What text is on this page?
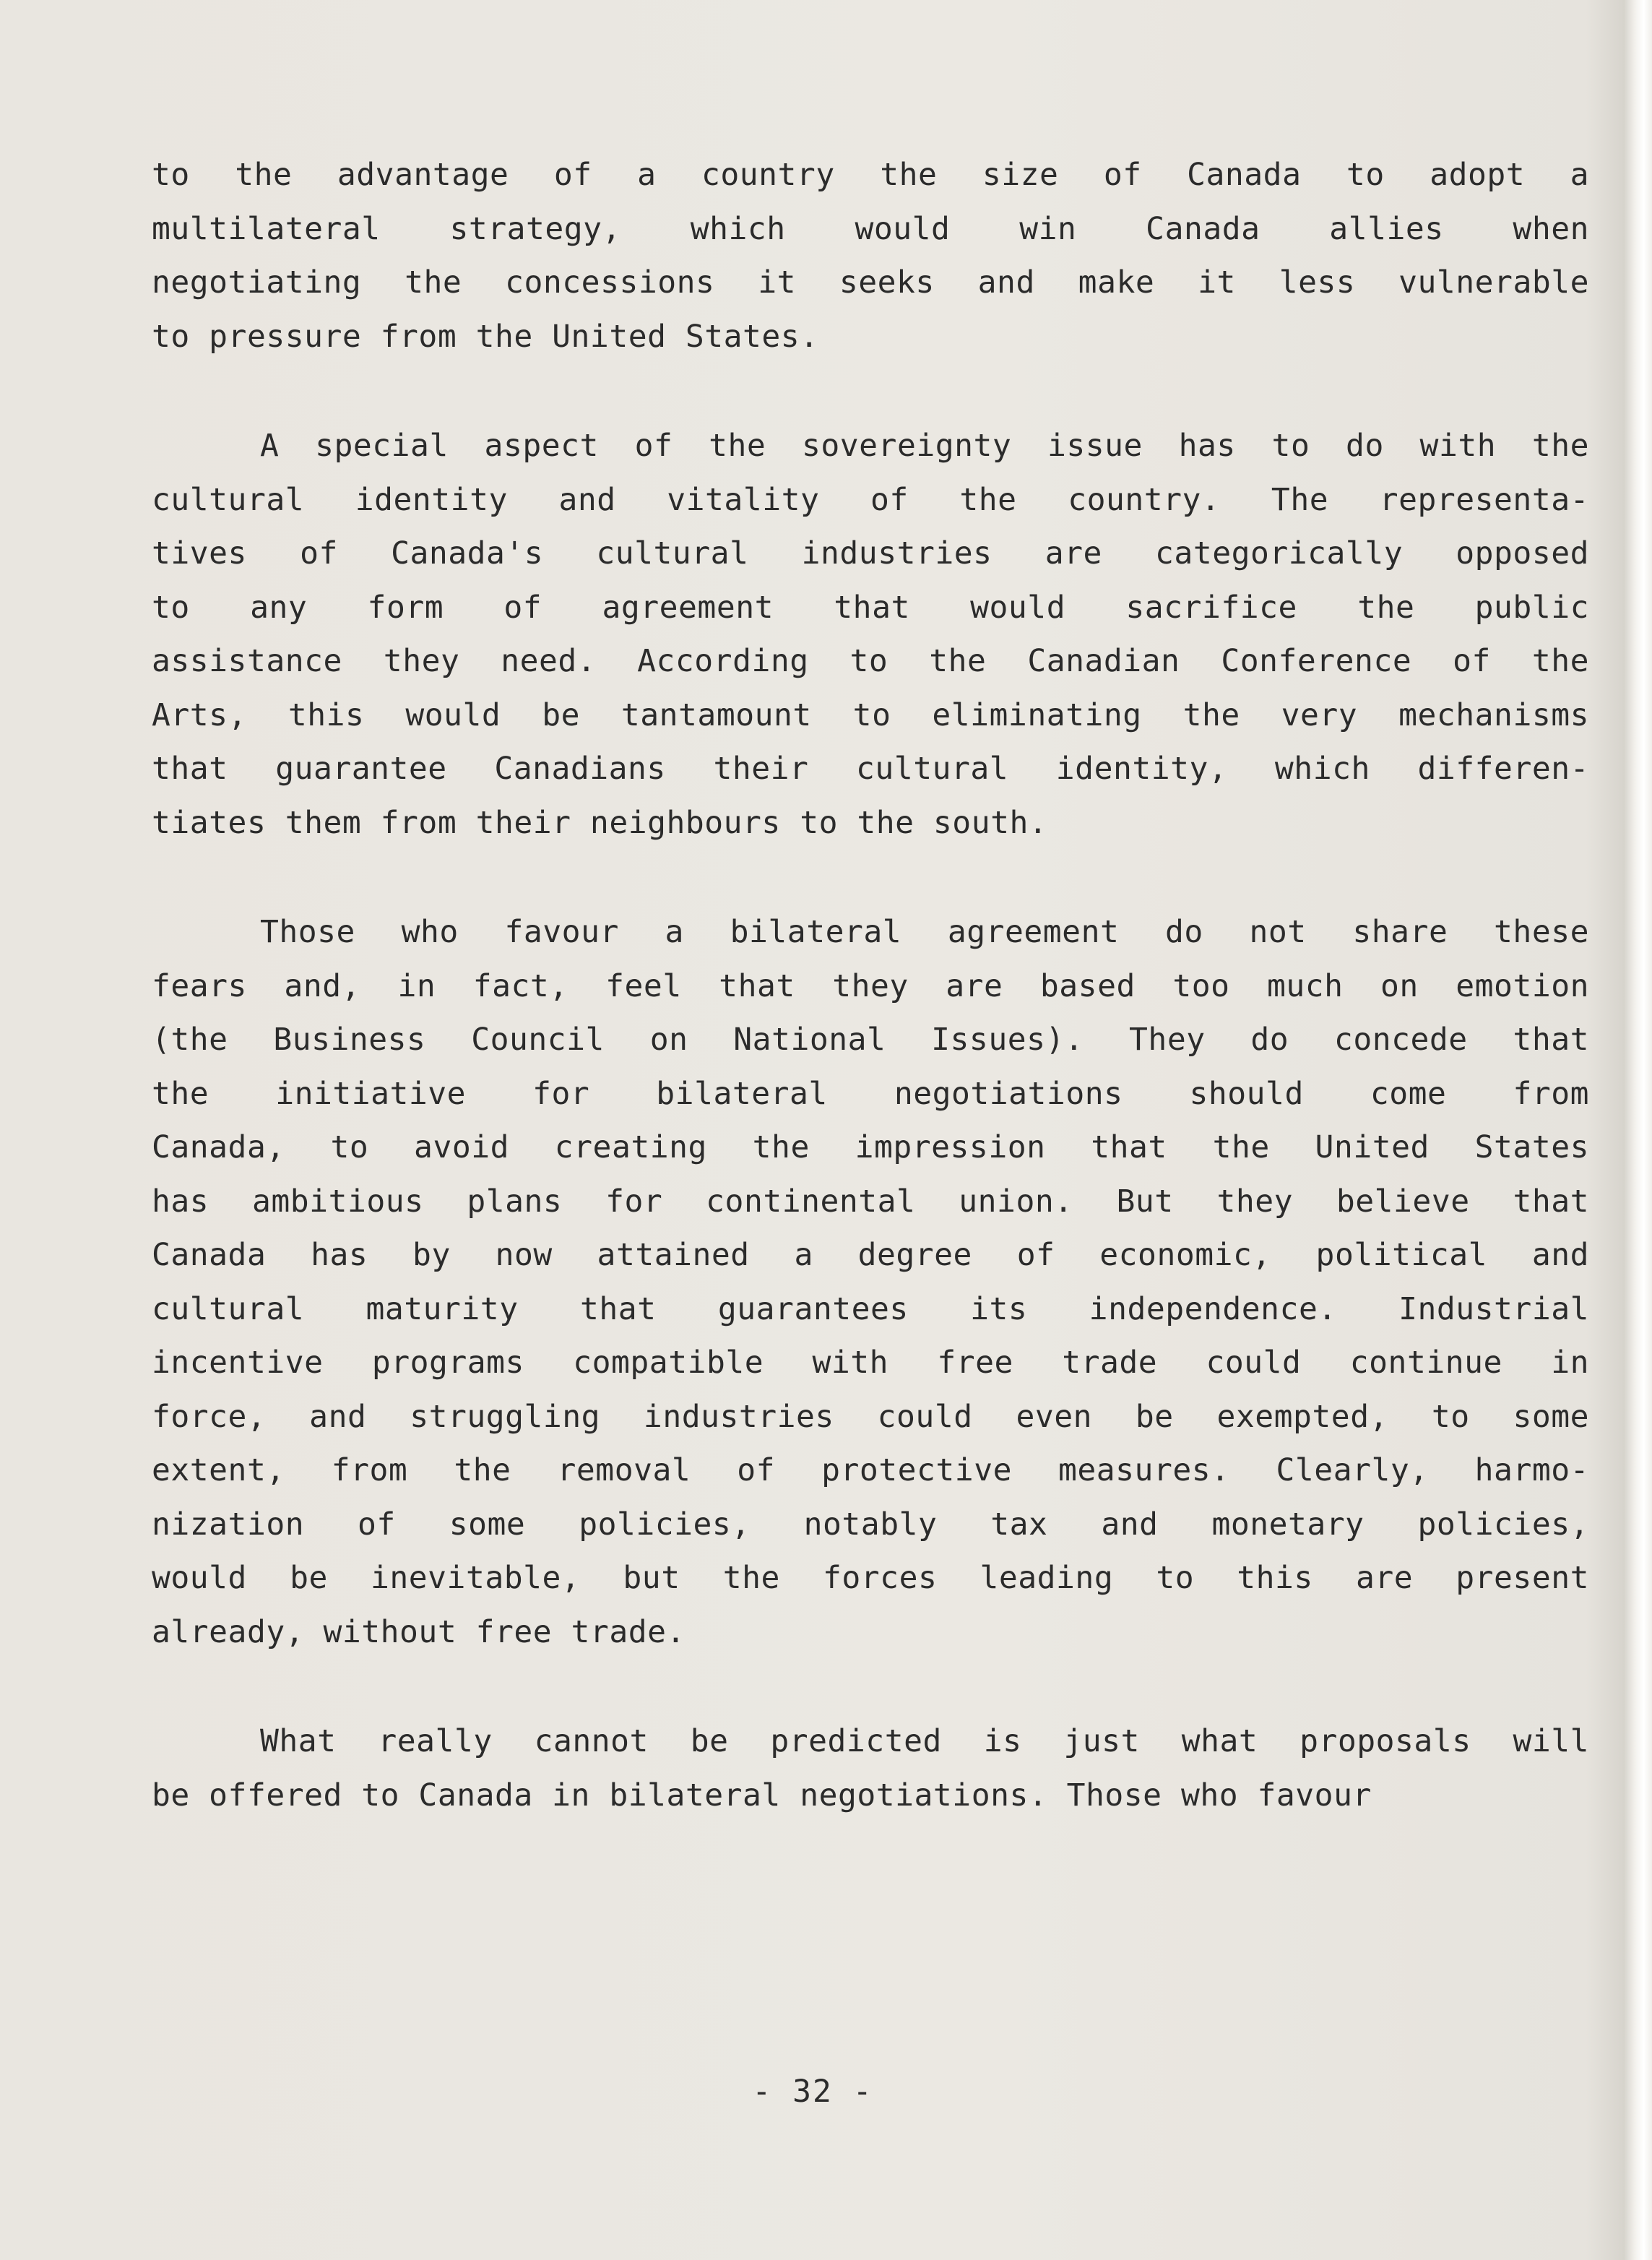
to the advantage of a country the size of Canada to adopt a
multilateral strategy, which would win Canada allies when
negotiating the concessions it seeks and make it less vulnerable
to pressure from the United States.
A special aspect of the sovereignty issue has to do with the
cultural identity and vitality of the country. The representa-
tives of Canada's cultural industries are categorically opposed
to any form of agreement that would sacrifice the public
assistance they need. According to the Canadian Conference of the
Arts, this would be tantamount to eliminating the very mechanisms
that guarantee Canadians their cultural identity, which differen-
tiates them from their neighbours to the south.
Those who favour a bilateral agreement do not share these
fears and, in fact, feel that they are based too much on emotion
(the Business Council on National Issues). They do concede that
the initiative for bilateral negotiations should come from
Canada, to avoid creating the impression that the United States
has ambitious plans for continental union. But they believe that
Canada has by now attained a degree of economic, political and
cultural maturity that guarantees its independence. Industrial
incentive programs compatible with free trade could continue in
force, and struggling industries could even be exempted, to some
extent, from the removal of protective measures. Clearly, harmo-
nization of some policies, notably tax and monetary policies,
would be inevitable, but the forces leading to this are present
already, without free trade.
What really cannot be predicted is just what proposals will
be offered to Canada in bilateral negotiations. Those who favour
- 32 -
